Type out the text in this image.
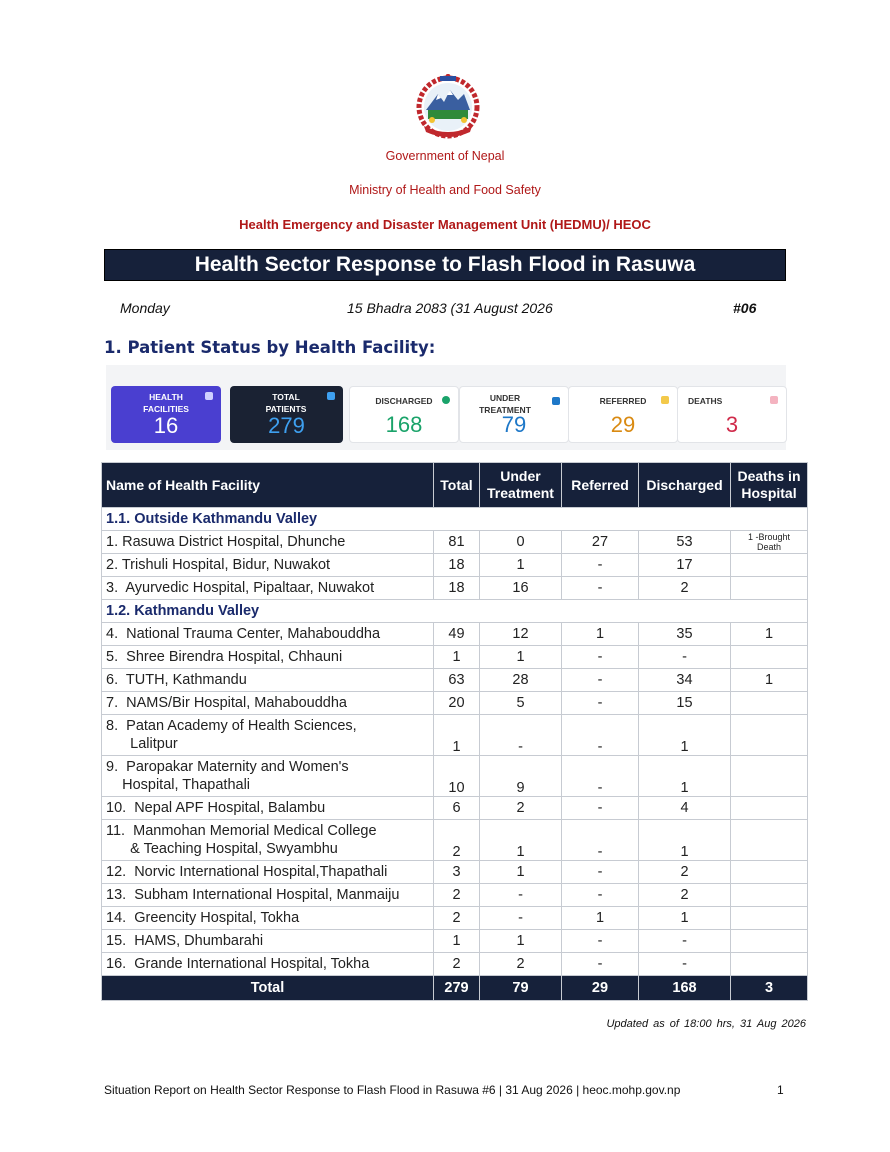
Government of Nepal
Ministry of Health and Food Safety
Health Emergency and Disaster Management Unit (HEDMU)/ HEOC
Health Sector Response to Flash Flood in Rasuwa
Monday	15 Bhadra 2083 (31 August 2026	#06
1. Patient Status by Health Facility:
HEALTH FACILITIES
16
TOTAL PATIENTS
279
DISCHARGED
168
UNDER TREATMENT
79
REFERRED
29
DEATHS
3
Name of Health Facility	Total	Under Treatment	Referred	Discharged	Deaths in Hospital
1.1. Outside Kathmandu Valley					
1. Rasuwa District Hospital, Dhunche	81	0	27	53	1 -Brought Death
2. Trishuli Hospital, Bidur, Nuwakot	18	1	-	17	
3.  Ayurvedic Hospital, Pipaltaar, Nuwakot	18	16	-	2	
1.2. Kathmandu Valley					
4.  National Trauma Center, Mahabouddha	49	12	1	35	1
5.  Shree Birendra Hospital, Chhauni	1	1	-	-	
6.  TUTH, Kathmandu	63	28	-	34	1
7.  NAMS/Bir Hospital, Mahabouddha	20	5	-	15	
8.  Patan Academy of Health Sciences,
Lalitpur	1	-	-	1	
9.  Paropakar Maternity and Women's
Hospital, Thapathali	10	9	-	1	
10.  Nepal APF Hospital, Balambu	6	2	-	4	
11.  Manmohan Memorial Medical College
& Teaching Hospital, Swyambhu	2	1	-	1	
12.  Norvic International Hospital,Thapathali	3	1	-	2	
13.  Subham International Hospital, Manmaiju	2	-	-	2	
14.  Greencity Hospital, Tokha	2	-	1	1	
15.  HAMS, Dhumbarahi	1	1	-	-	
16.  Grande International Hospital, Tokha	2	2	-	-	
Total	279	79	29	168	3
Updated as of 18:00 hrs, 31 Aug 2026
Situation Report on Health Sector Response to Flash Flood in Rasuwa #6 | 31 Aug 2026 | heoc.mohp.gov.np	1
